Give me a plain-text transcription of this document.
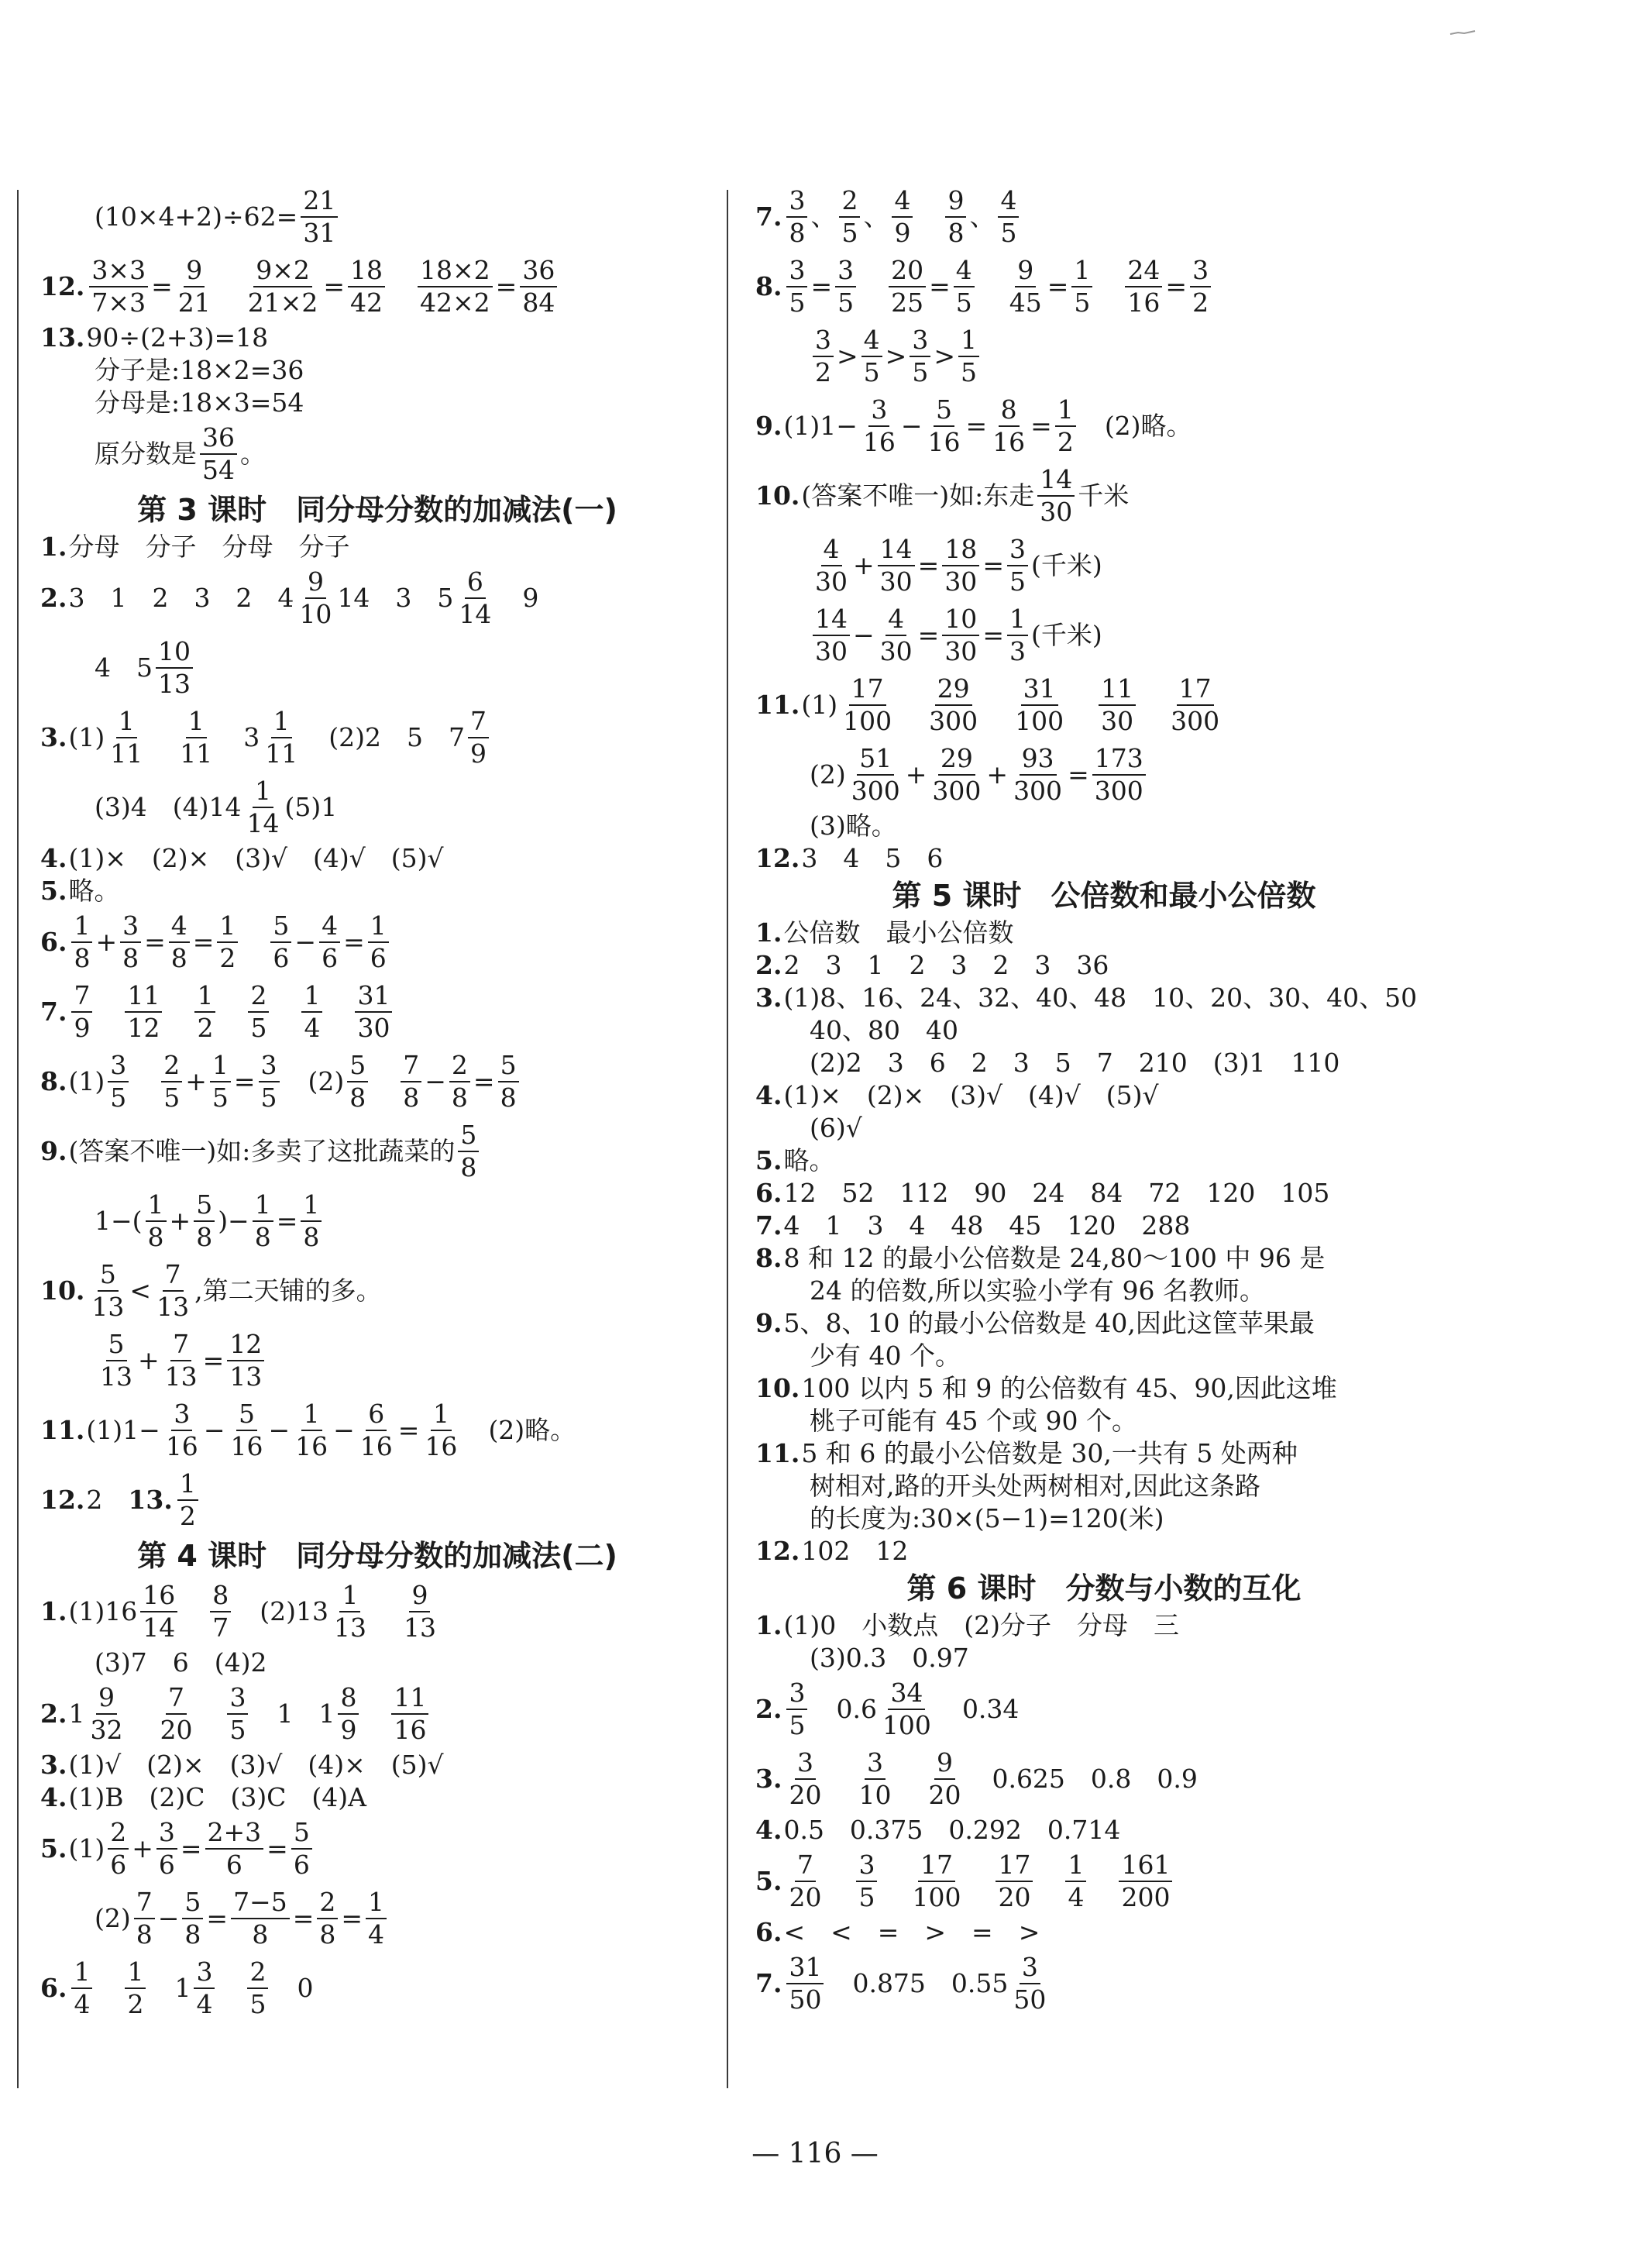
$(10\times 4+2)\div 62= \frac{21}{31}$
12. $\frac{3\times 3}{7\times 3} = \frac{9}{21} \frac{9\times 2}{21\times 2} = \frac{18}{42} \frac{18\times 2}{42\times 2} = \frac{36}{84}$
13. 90÷(2+3)=18
分子是:18×2=36
分母是:18×3=54
原分数是 $\frac{36}{54}$ 。
第 3 课时　同分母分数的加减法(一)
1. 分母　分子　分母　分子
2. 3　1　2　3　2　$4 \frac{9}{10} 14$　3　$5 \frac{6}{14}$ 　9
4　$5 \frac{10}{13}$
3. $(1) \frac{1}{11} \frac{1}{11}$ 　$3 \frac{1}{11}$ 　(2)2　5　$7 \frac{7}{9}$
(3)4　$(4)14 \frac{1}{14} (5)1$
4. (1)×　(2)×　(3)√　(4)√　(5)√
5. 略。
6. $\frac{1}{8} + \frac{3}{8} = \frac{4}{8} = \frac{1}{2} \frac{5}{6} - \frac{4}{6} = \frac{1}{6}$
7. $\frac{7}{9} \frac{11}{12} \frac{1}{2} \frac{2}{5} \frac{1}{4} \frac{31}{30}$
8. $(1) \frac{3}{5} \frac{2}{5} + \frac{1}{5} = \frac{3}{5}$ 　$(2) \frac{5}{8} \frac{7}{8} - \frac{2}{8} = \frac{5}{8}$
9. (答案不唯一)如:多卖了这批蔬菜的 $\frac{5}{8}$
$1-( \frac{1}{8} + \frac{5}{8}$ )− $\frac{1}{8} = \frac{1}{8}$
10. $\frac{5}{13} < \frac{7}{13}$ ,第二天铺的多。
$\frac{5}{13} + \frac{7}{13} = \frac{12}{13}$
11. $(1)1- \frac{3}{16} - \frac{5}{16} - \frac{1}{16} - \frac{6}{16} = \frac{1}{16}$ 　(2)略。
12. 2　 13. $\frac{1}{2}$
第 4 课时　同分母分数的加减法(二)
1. $(1)16 \frac{16}{14} \frac{8}{7}$ 　$(2)13 \frac{1}{13} \frac{9}{13}$
(3)7　6　(4)2
2. $1 \frac{9}{32} \frac{7}{20} \frac{3}{5}$ 　1　$1 \frac{8}{9} \frac{11}{16}$
3. (1)√　(2)×　(3)√　(4)×　(5)√
4. (1)B　(2)C　(3)C　(4)A
5. $(1) \frac{2}{6} + \frac{3}{6} = \frac{2+3}{6} = \frac{5}{6}$
$(2) \frac{7}{8} - \frac{5}{8} = \frac{7-5}{8} = \frac{2}{8} = \frac{1}{4}$
6. $\frac{1}{4} \frac{1}{2}$ 　$1 \frac{3}{4} \frac{2}{5}$ 　0
7. $\frac{3}{8}$ 、 $\frac{2}{5}$ 、 $\frac{4}{9} \frac{9}{8}$ 、 $\frac{4}{5}$
8. $\frac{3}{5} = \frac{3}{5} \frac{20}{25} = \frac{4}{5} \frac{9}{45} = \frac{1}{5} \frac{24}{16} = \frac{3}{2}$
$\frac{3}{2} > \frac{4}{5} > \frac{3}{5} > \frac{1}{5}$
9. $(1)1- \frac{3}{16} - \frac{5}{16} = \frac{8}{16} = \frac{1}{2}$ 　(2)略。
10. (答案不唯一)如:东走 $\frac{14}{30}$ 千米
$\frac{4}{30} + \frac{14}{30} = \frac{18}{30} = \frac{3}{5}$ (千米)
$\frac{14}{30} - \frac{4}{30} = \frac{10}{30} = \frac{1}{3}$ (千米)
11. $(1) \frac{17}{100} \frac{29}{300} \frac{31}{100} \frac{11}{30} \frac{17}{300}$
$(2) \frac{51}{300} + \frac{29}{300} + \frac{93}{300} = \frac{173}{300}$
(3)略。
12. 3　4　5　6
第 5 课时　公倍数和最小公倍数
1. 公倍数　最小公倍数
2. 2　3　1　2　3　2　3　36
3. (1)8、16、24、32、40、48　10、20、30、40、50
40、80　40
(2)2　3　6　2　3　5　7　210　(3)1　110
4. (1)×　(2)×　(3)√　(4)√　(5)√
(6)√
5. 略。
6. 12　52　112　90　24　84　72　120　105
7. 4　1　3　4　48　45　120　288
8. 8 和 12 的最小公倍数是 24,80～100 中 96 是
24 的倍数,所以实验小学有 96 名教师。
9. 5、8、10 的最小公倍数是 40,因此这筐苹果最
少有 40 个。
10. 100 以内 5 和 9 的公倍数有 45、90,因此这堆
桃子可能有 45 个或 90 个。
11. 5 和 6 的最小公倍数是 30,一共有 5 处两种
树相对,路的开头处两树相对,因此这条路
的长度为:30×(5−1)=120(米)
12. 102　12
第 6 课时　分数与小数的互化
1. (1)0　小数点　(2)分子　分母　三
(3)0.3　0.97
2. $\frac{3}{5}$ 　$0.6 \frac{34}{100}$ 　0.34
3. $\frac{3}{20} \frac{3}{10} \frac{9}{20}$ 　0.625　0.8　0.9
4. 0.5　0.375　0.292　0.714
5. $\frac{7}{20} \frac{3}{5} \frac{17}{100} \frac{17}{20} \frac{1}{4} \frac{161}{200}$
6. <　<　=　>　=　>
7. $\frac{31}{50}$ 　0.875　$0.55 \frac{3}{50}$
— 116 —
